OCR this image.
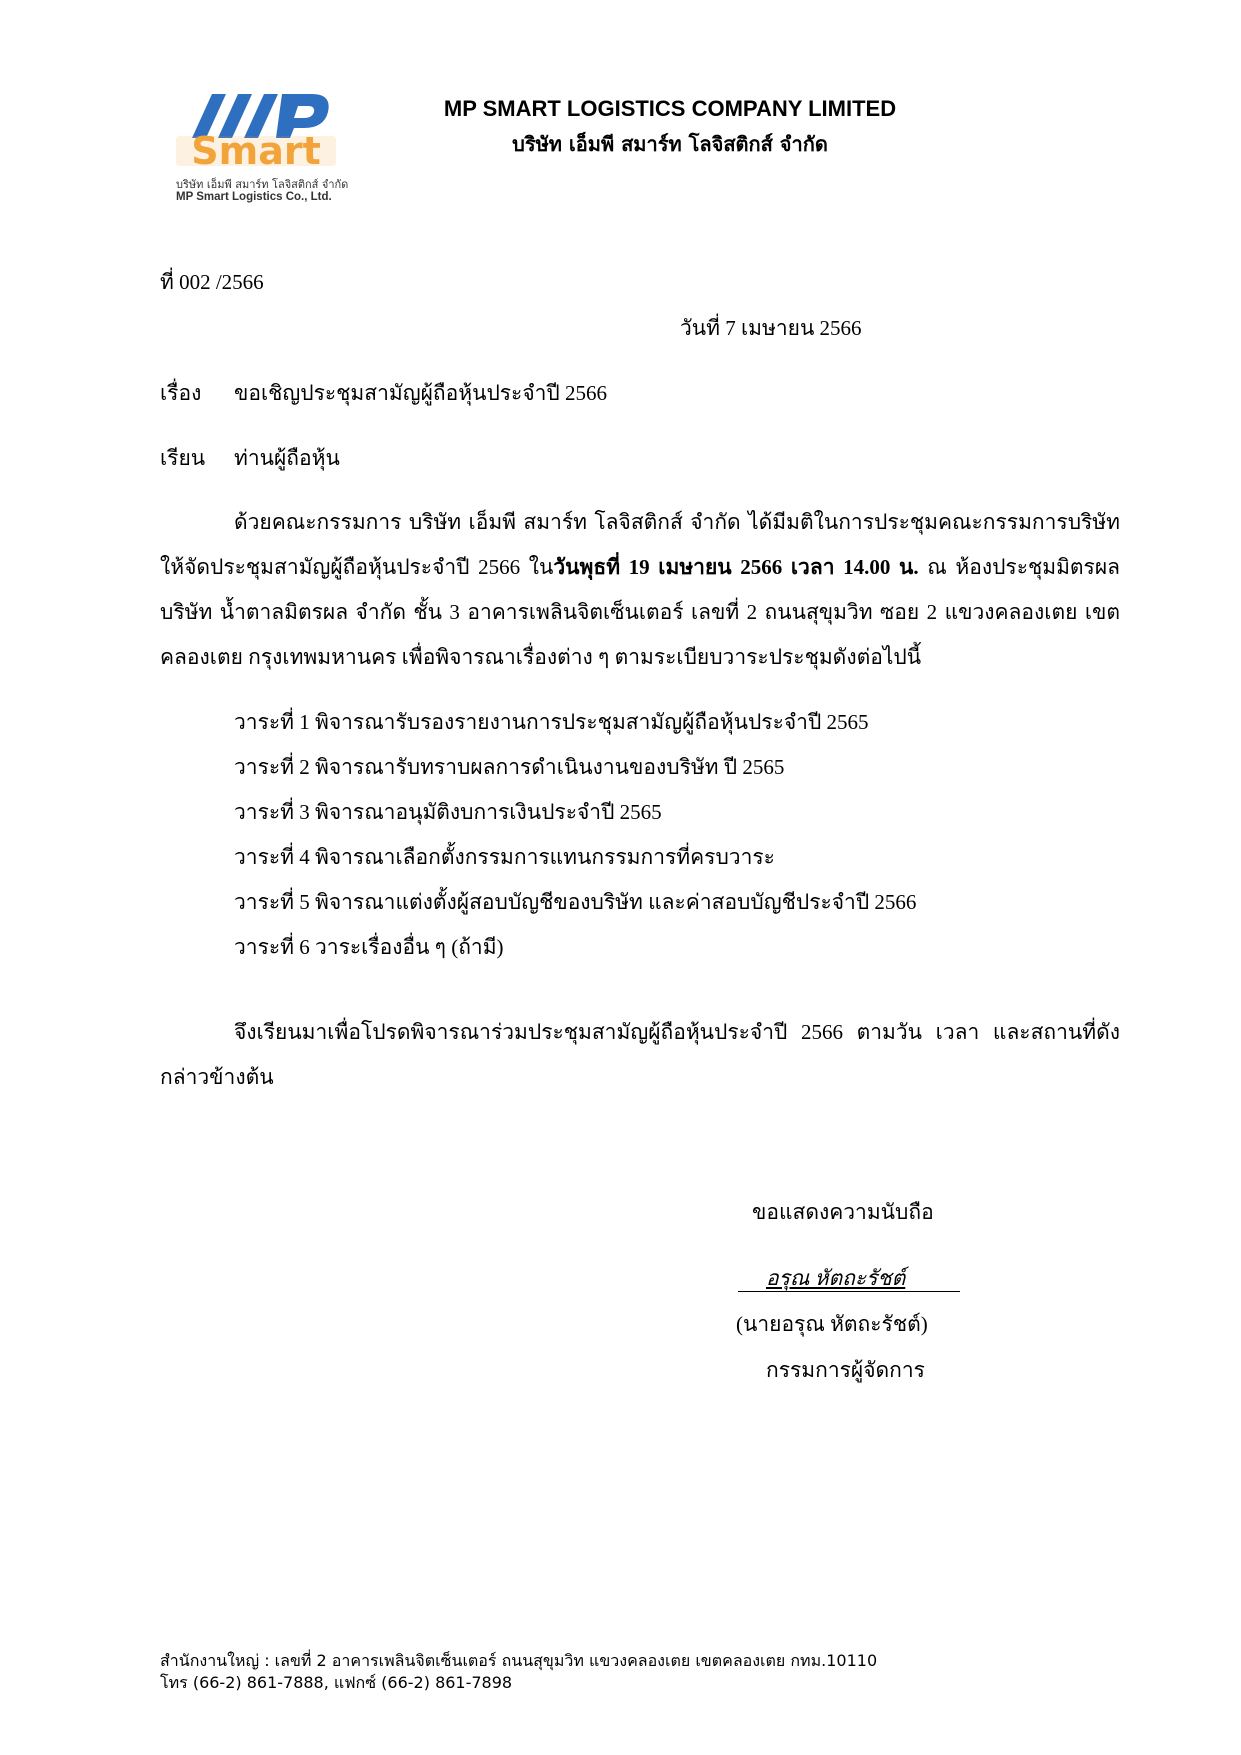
Smart
บริษัท เอ็มพี สมาร์ท โลจิสติกส์ จำกัด
MP Smart Logistics Co., Ltd.
MP SMART LOGISTICS COMPANY LIMITED
บริษัท เอ็มพี สมาร์ท โลจิสติกส์ จำกัด
ที่ 002 /2566
วันที่ 7 เมษายน 2566
เรื่อง ขอเชิญประชุมสามัญผู้ถือหุ้นประจำปี 2566
เรียน ท่านผู้ถือหุ้น
ด้วยคณะกรรมการ บริษัท เอ็มพี สมาร์ท โลจิสติกส์ จำกัด ได้มีมติในการประชุมคณะกรรมการบริษัท ให้จัดประชุมสามัญผู้ถือหุ้นประจำปี 2566 ในวันพุธที่ 19 เมษายน 2566 เวลา 14.00 น. ณ ห้องประชุมมิตรผล บริษัท น้ำตาลมิตรผล จำกัด ชั้น 3 อาคารเพลินจิตเซ็นเตอร์ เลขที่ 2 ถนนสุขุมวิท ซอย 2 แขวงคลองเตย เขตคลองเตย กรุงเทพมหานคร เพื่อพิจารณาเรื่องต่าง ๆ ตามระเบียบวาระประชุมดังต่อไปนี้
วาระที่ 1 พิจารณารับรองรายงานการประชุมสามัญผู้ถือหุ้นประจำปี 2565
วาระที่ 2 พิจารณารับทราบผลการดำเนินงานของบริษัท ปี 2565
วาระที่ 3 พิจารณาอนุมัติงบการเงินประจำปี 2565
วาระที่ 4 พิจารณาเลือกตั้งกรรมการแทนกรรมการที่ครบวาระ
วาระที่ 5 พิจารณาแต่งตั้งผู้สอบบัญชีของบริษัท และค่าสอบบัญชีประจำปี 2566
วาระที่ 6 วาระเรื่องอื่น ๆ (ถ้ามี)
จึงเรียนมาเพื่อโปรดพิจารณาร่วมประชุมสามัญผู้ถือหุ้นประจำปี 2566 ตามวัน เวลา และสถานที่ดังกล่าวข้างต้น
ขอแสดงความนับถือ
อรุณ หัตถะรัชต์
(นายอรุณ หัตถะรัชต์)
กรรมการผู้จัดการ
สำนักงานใหญ่ : เลขที่ 2 อาคารเพลินจิตเซ็นเตอร์ ถนนสุขุมวิท แขวงคลองเตย เขตคลองเตย กทม.10110
โทร (66-2) 861-7888, แฟกซ์ (66-2) 861-7898
